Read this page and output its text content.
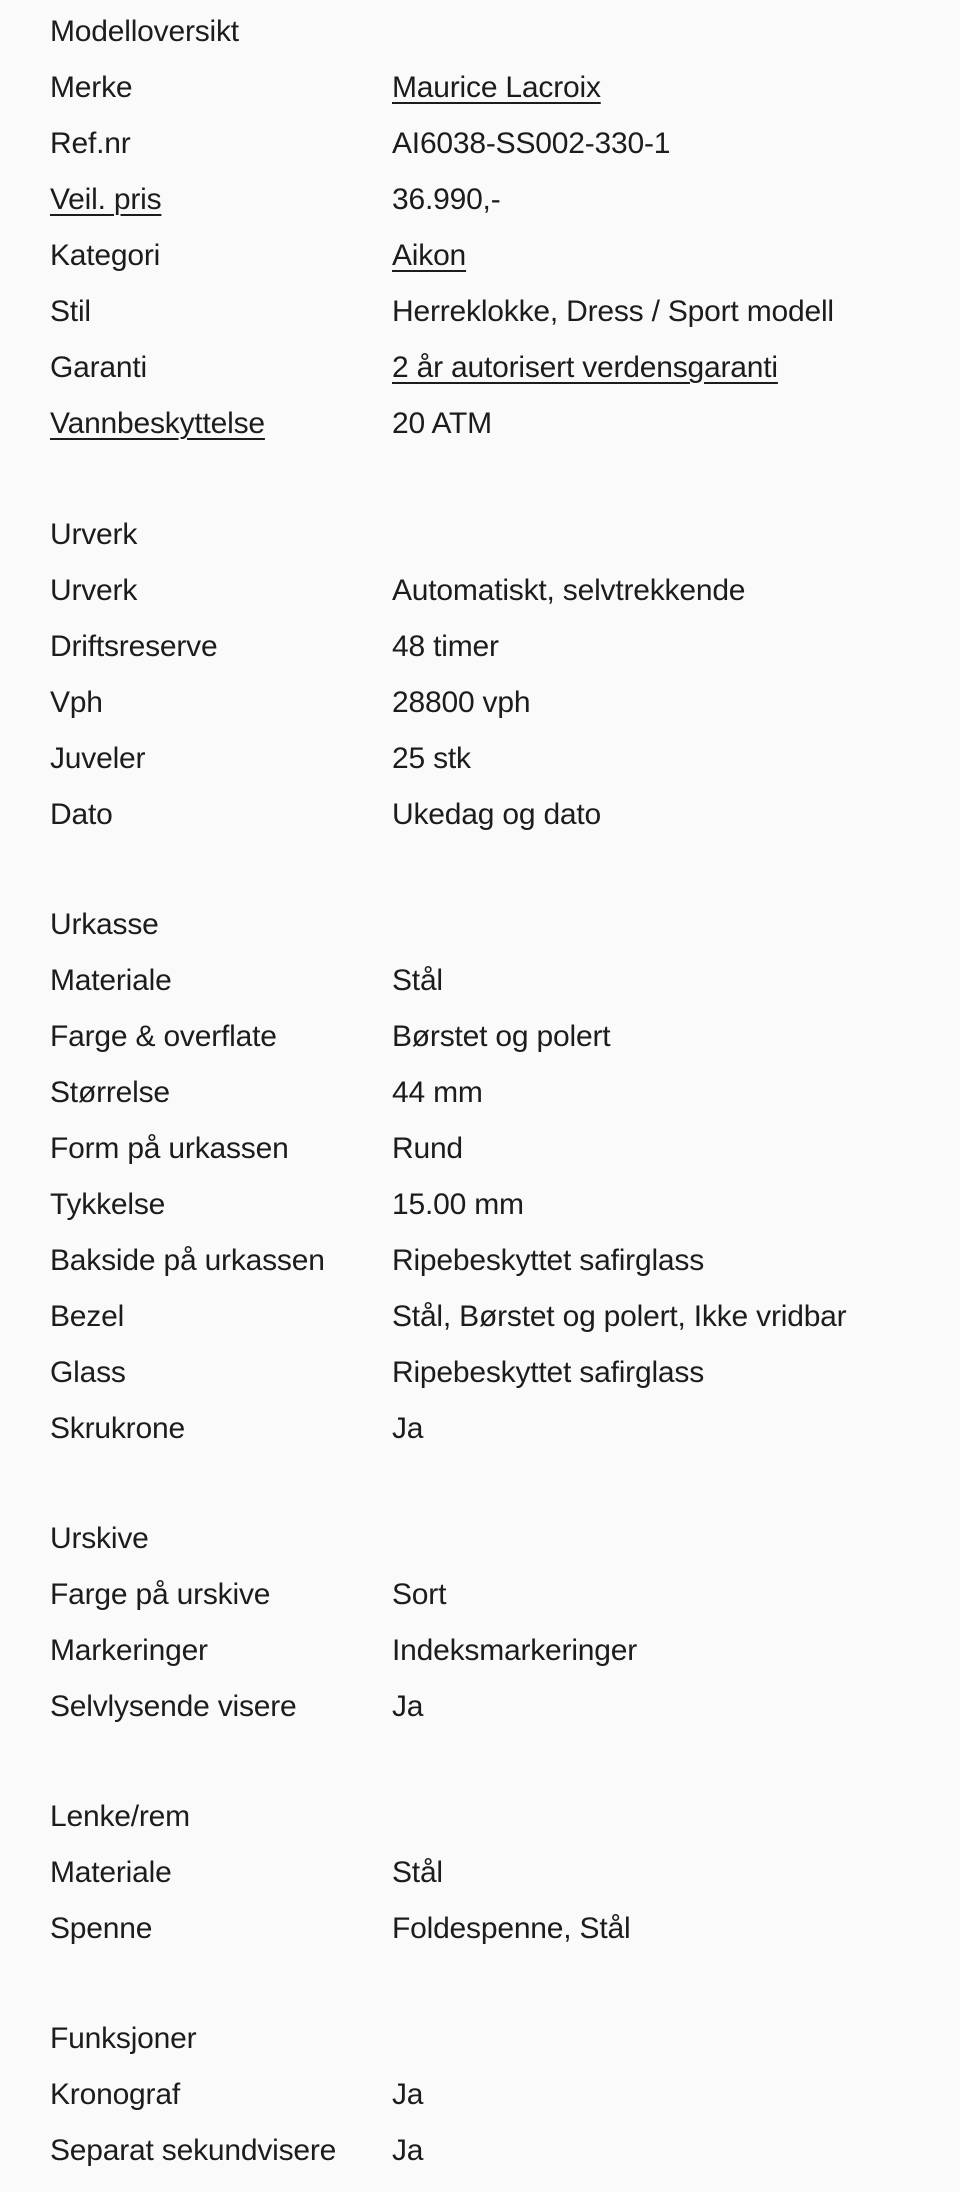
Modelloversikt
Merke	Maurice Lacroix
Ref.nr	AI6038-SS002-330-1
Veil. pris	36.990,-
Kategori	Aikon
Stil	Herreklokke, Dress / Sport modell
Garanti	2 år autorisert verdensgaranti
Vannbeskyttelse	20 ATM
Urverk
Urverk	Automatiskt, selvtrekkende
Driftsreserve	48 timer
Vph	28800 vph
Juveler	25 stk
Dato	Ukedag og dato
Urkasse
Materiale	Stål
Farge & overflate	Børstet og polert
Størrelse	44 mm
Form på urkassen	Rund
Tykkelse	15.00 mm
Bakside på urkassen	Ripebeskyttet safirglass
Bezel	Stål, Børstet og polert, Ikke vridbar
Glass	Ripebeskyttet safirglass
Skrukrone	Ja
Urskive
Farge på urskive	Sort
Markeringer	Indeksmarkeringer
Selvlysende visere	Ja
Lenke/rem
Materiale	Stål
Spenne	Foldespenne, Stål
Funksjoner
Kronograf	Ja
Separat sekundvisere	Ja
